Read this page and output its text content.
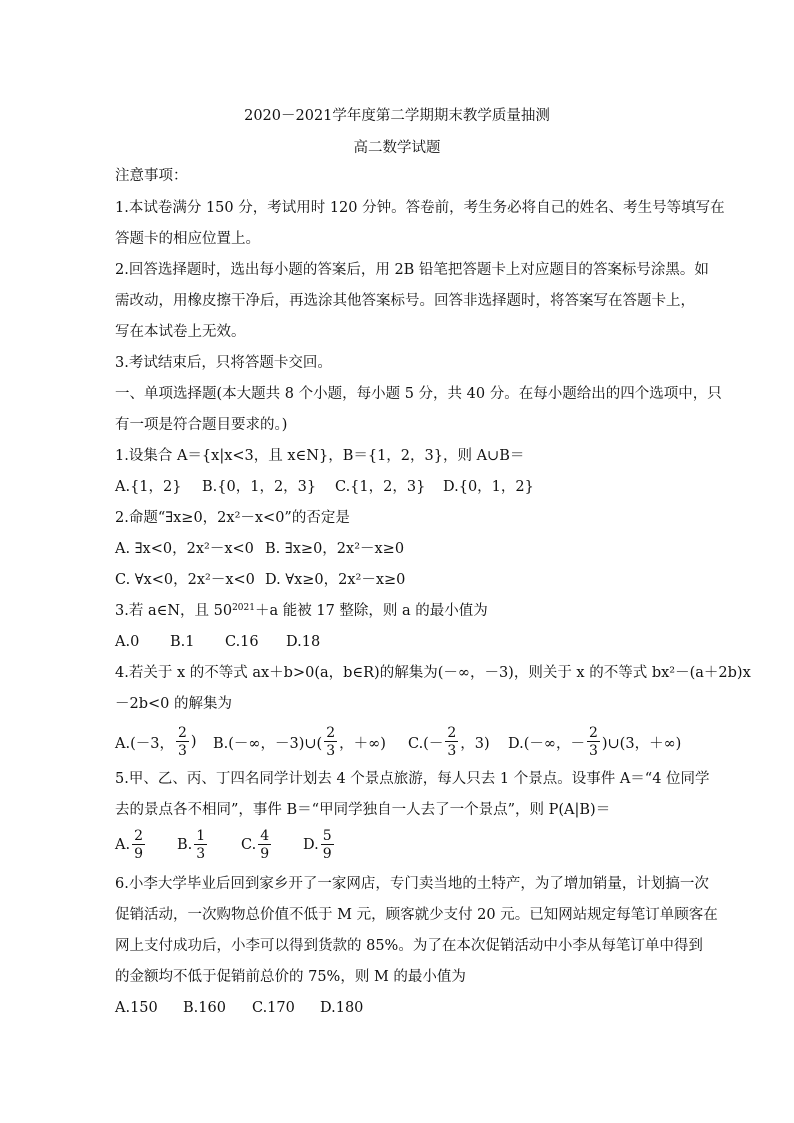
2020－2021学年度第二学期期末教学质量抽测
高二数学试题
注意事项：
1.本试卷满分 150 分，考试用时 120 分钟。答卷前，考生务必将自己的姓名、考生号等填写在
答题卡的相应位置上。
2.回答选择题时，选出每小题的答案后，用 2B 铅笔把答题卡上对应题目的答案标号涂黑。如
需改动，用橡皮擦干净后，再选涂其他答案标号。回答非选择题时，将答案写在答题卡上，
写在本试卷上无效。
3.考试结束后，只将答题卡交回。
一、单项选择题(本大题共 8 个小题，每小题 5 分，共 40 分。在每小题给出的四个选项中，只
有一项是符合题目要求的。)
1.设集合 A＝{x|x<3，且 x∈N}，B＝{1，2，3}，则 A∪B＝
A.{1，2} B.{0，1，2，3} C.{1，2，3} D.{0，1，2}
2.命题“∃x≥0，2x²－x<0”的否定是
A. ∃x<0，2x²－x<0 B. ∃x≥0，2x²－x≥0
C. ∀x<0，2x²－x<0 D. ∀x≥0，2x²－x≥0
3.若 a∈N，且 $50^{2021}+a$ 能被 17 整除，则 a 的最小值为
A.0 B.1 C.16 D.18
4.若关于 x 的不等式 ax＋b>0(a，b∈R)的解集为(－∞，－3)，则关于 x 的不等式 bx²－(a＋2b)x
－2b<0 的解集为
A.(－3， $\frac{2}{3}$ ) B.(－∞，－3)∪( $\frac{2}{3}$ ，＋∞) $C.(- \frac{2}{3}$ ，3) D.(－∞，－ $\frac{2}{3}$ )∪(3，＋∞)
5.甲、乙、丙、丁四名同学计划去 4 个景点旅游，每人只去 1 个景点。设事件 A＝“4 位同学
去的景点各不相同”，事件 B＝“甲同学独自一人去了一个景点”，则 P(A|B)＝
A. $\frac{2}{9} B$. $\frac{1}{3} C$. $\frac{4}{9} D$. $\frac{5}{9}$
6.小李大学毕业后回到家乡开了一家网店，专门卖当地的土特产，为了增加销量，计划搞一次
促销活动，一次购物总价值不低于 M 元，顾客就少支付 20 元。已知网站规定每笔订单顾客在
网上支付成功后，小李可以得到货款的 85%。为了在本次促销活动中小李从每笔订单中得到
的金额均不低于促销前总价的 75%，则 M 的最小值为
A.150 B.160 C.170 D.180
